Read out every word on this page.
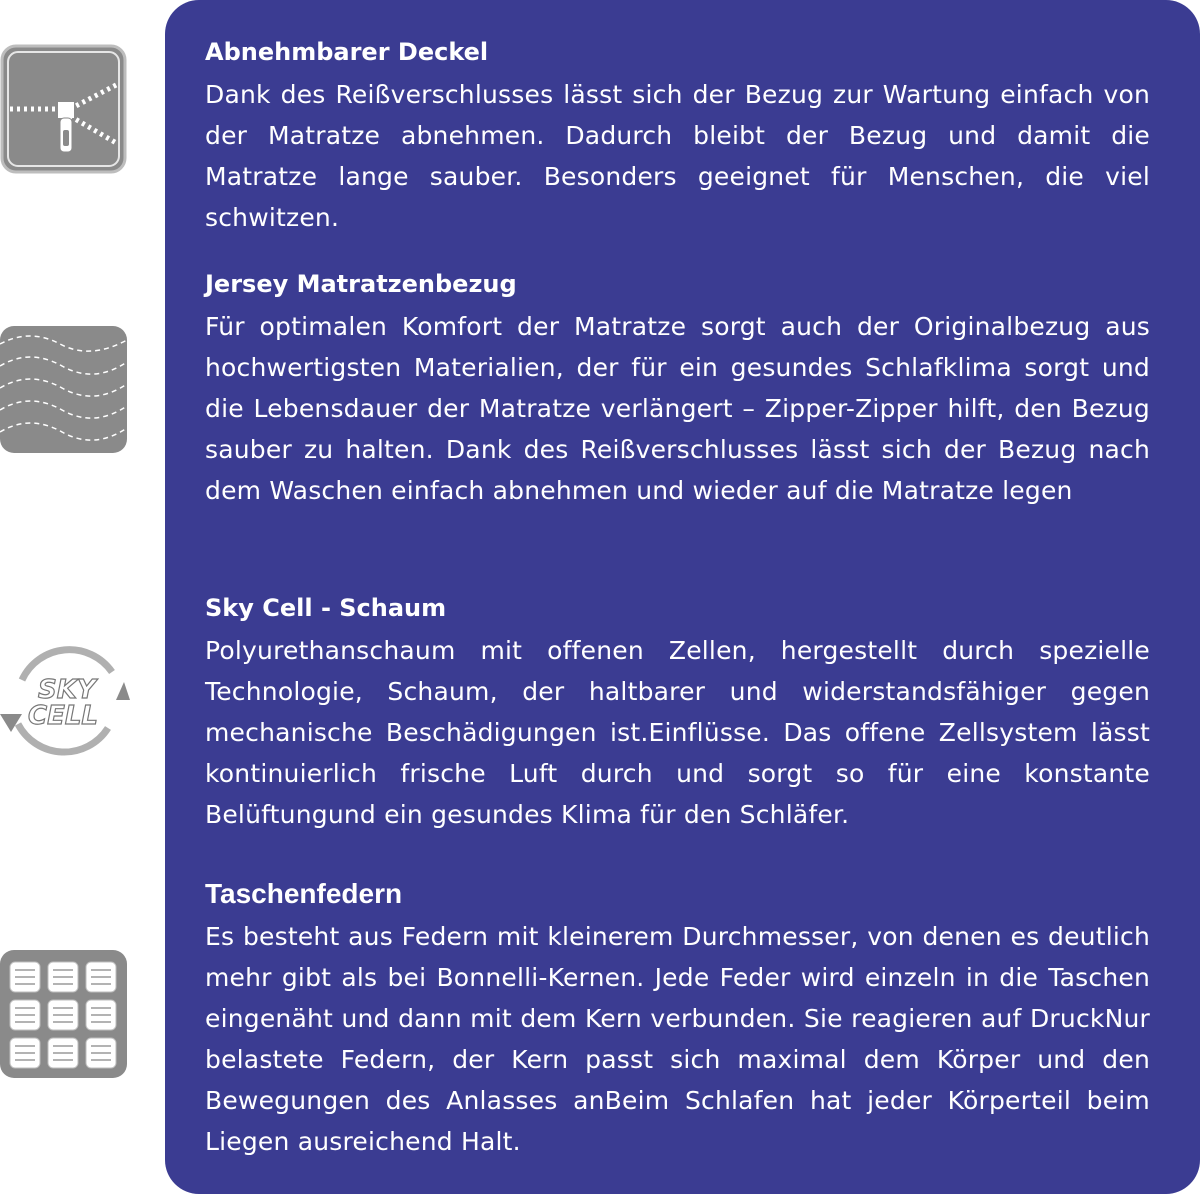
SKY
CELL
Abnehmbarer Deckel

Dank des Reißverschlusses lässt sich der Bezug zur Wartung einfach von der Matratze abnehmen. Dadurch bleibt der Bezug und damit die Matratze lange sauber. Besonders geeignet für Menschen, die viel schwitzen.

Jersey Matratzenbezug

Für optimalen Komfort der Matratze sorgt auch der Originalbezug aus hochwertigsten Materialien, der für ein gesundes Schlafklima sorgt und die Lebensdauer der Matratze verlängert – Zipper-Zipper hilft, den Bezug sauber zu halten. Dank des Reißverschlusses lässt sich der Bezug nach dem Waschen einfach abnehmen und wieder auf die Matratze legen

Sky Cell - Schaum

Polyurethanschaum mit offenen Zellen, hergestellt durch spezielle Technologie, Schaum, der haltbarer und widerstandsfähiger gegen mechanische Beschädigungen ist.Einflüsse. Das offene Zellsystem lässt kontinuierlich frische Luft durch und sorgt so für eine konstante Belüftungund ein gesundes Klima für den Schläfer.

Taschenfedern

Es besteht aus Federn mit kleinerem Durchmesser, von denen es deutlich mehr gibt als bei Bonnelli-Kernen. Jede Feder wird einzeln in die Taschen eingenäht und dann mit dem Kern verbunden. Sie reagieren auf DruckNur belastete Federn, der Kern passt sich maximal dem Körper und den Bewegungen des Anlasses anBeim Schlafen hat jeder Körperteil beim Liegen ausreichend Halt.
